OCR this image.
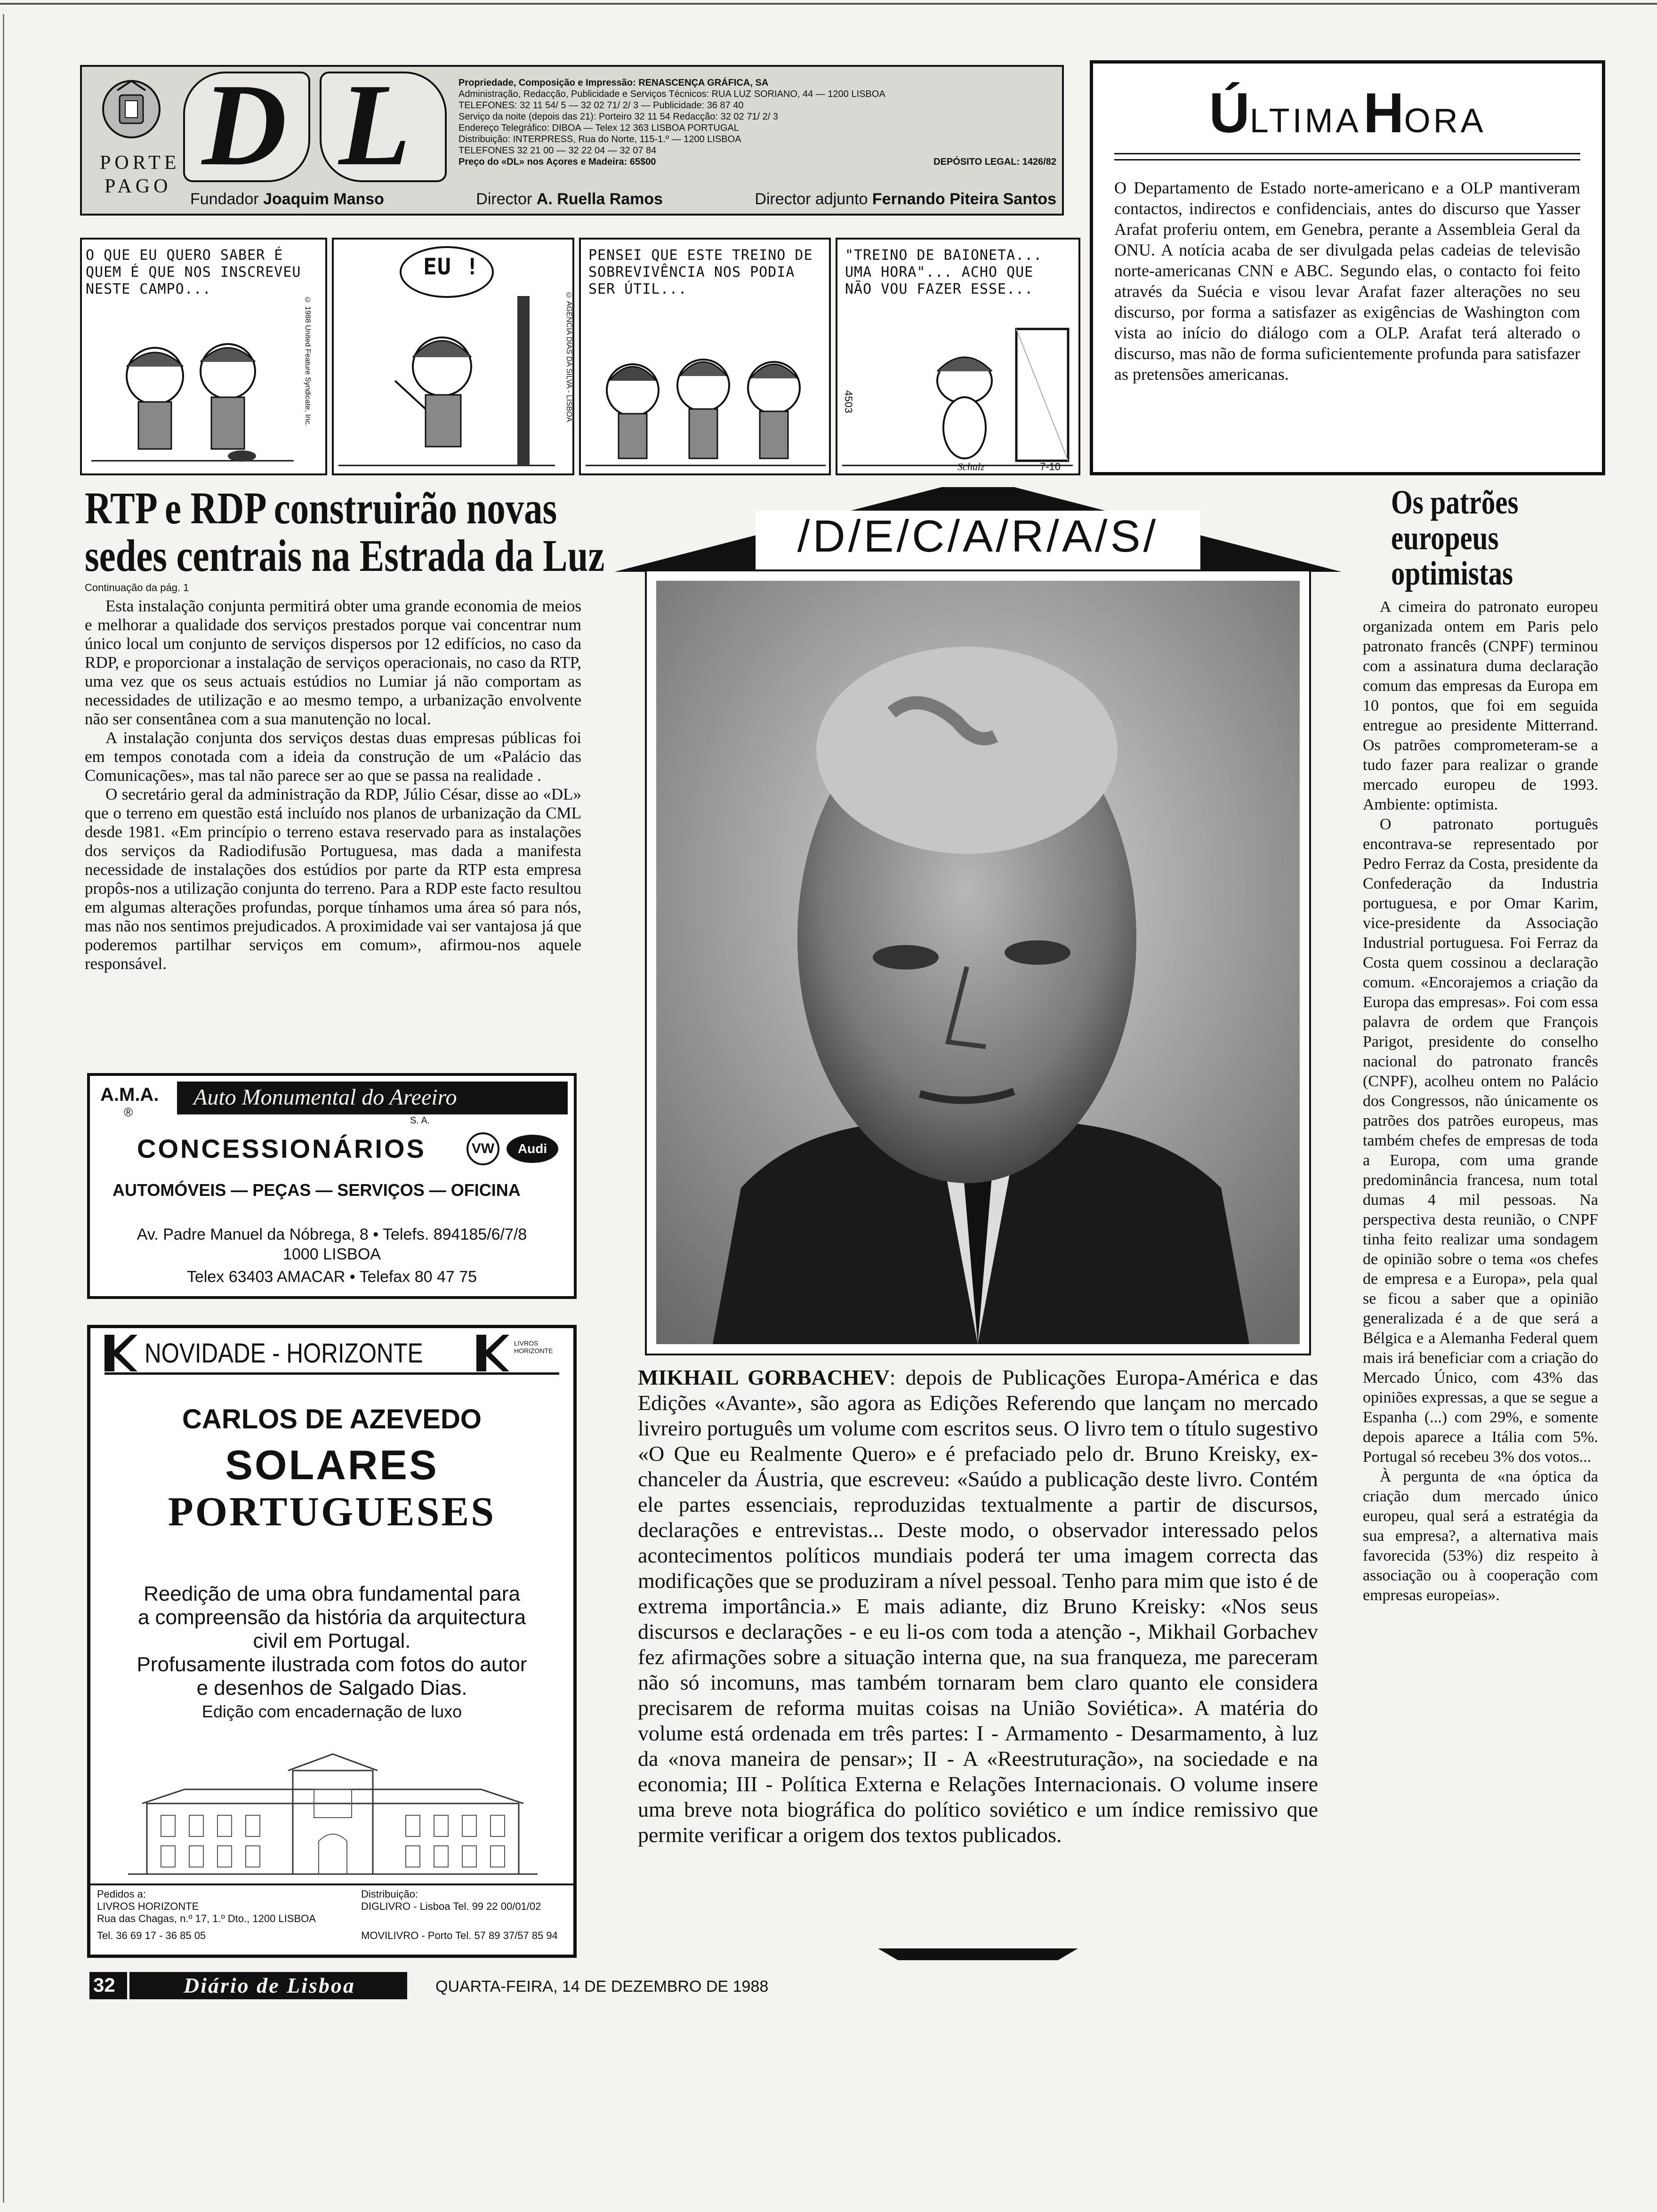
PORTE
PAGO DL
Propriedade, Composição e Impressão: RENASCENÇA GRÁFICA, SA
Administração, Redacção, Publicidade e Serviços Técnicos: RUA LUZ SORIANO, 44 — 1200 LISBOA
TELEFONES: 32 11 54/ 5 — 32 02 71/ 2/ 3 — Publicidade: 36 87 40
Serviço da noite (depois das 21): Porteiro 32 11 54 Redacção: 32 02 71/ 2/ 3
Endereço Telegráfico: DIBOA — Telex 12 363 LISBOA PORTUGAL
Distribuição: INTERPRESS, Rua do Norte, 115-1.º — 1200 LISBOA
TELEFONES 32 21 00 — 32 22 04 — 32 07 84
Preço do «DL» nos Açores e Madeira: 65$00	DEPÓSITO LEGAL: 1426/82
Fundador Joaquim Manso	Director A. Ruella Ramos	Director adjunto Fernando Piteira Santos
O QUE EU QUERO SABER É QUEM É QUE NOS INSCREVEU NESTE CAMPO...
© 1988 United Feature Syndicate, Inc.
EU !
© AGÊNCIA DIAS DA SILVA - LISBOA
PENSEI QUE ESTE TREINO DE SOBREVIVÊNCIA NOS PODIA SER ÚTIL...
"TREINO DE BAIONETA... UMA HORA"... ACHO QUE NÃO VOU FAZER ESSE...
4503
Schulz	7-10
ÚLTIMA HORA
O Departamento de Estado norte-americano e a OLP mantiveram contactos, indirectos e confidenciais, antes do discurso que Yasser Arafat proferiu ontem, em Genebra, perante a Assembleia Geral da ONU. A notícia acaba de ser divulgada pelas cadeias de televisão norte-americanas CNN e ABC. Segundo elas, o contacto foi feito através da Suécia e visou levar Arafat fazer alterações no seu discurso, por forma a satisfazer as exigências de Washington com vista ao início do diálogo com a OLP. Arafat terá alterado o discurso, mas não de forma suficientemente profunda para satisfazer as pretensões americanas.
RTP e RDP construirão novas
sedes centrais na Estrada da Luz
Continuação da pág. 1

Esta instalação conjunta permitirá obter uma grande economia de meios e melhorar a qualidade dos serviços prestados porque vai concentrar num único local um conjunto de serviços dispersos por 12 edifícios, no caso da RDP, e proporcionar a instalação de serviços operacionais, no caso da RTP, uma vez que os seus actuais estúdios no Lumiar já não comportam as necessidades de utilização e ao mesmo tempo, a urbanização envolvente não ser consentânea com a sua manutenção no local.

A instalação conjunta dos serviços destas duas empresas públicas foi em tempos conotada com a ideia da construção de um «Palácio das Comunicações», mas tal não parece ser ao que se passa na realidade .

O secretário geral da administração da RDP, Júlio César, disse ao «DL» que o terreno em questão está incluído nos planos de urbanização da CML desde 1981. «Em princípio o terreno estava reservado para as instalações dos serviços da Radiodifusão Portuguesa, mas dada a manifesta necessidade de instalações dos estúdios por parte da RTP esta empresa propôs-nos a utilização conjunta do terreno. Para a RDP este facto resultou em algumas alterações profundas, porque tínhamos uma área só para nós, mas não nos sentimos prejudicados. A proximidade vai ser vantajosa já que poderemos partilhar serviços em comum», afirmou-nos aquele responsável.

A.M.A.
®
Auto Monumental do Areeiro
S. A.
CONCESSIONÁRIOS	VW	Audi
AUTOMÓVEIS — PEÇAS — SERVIÇOS — OFICINA
Av. Padre Manuel da Nóbrega, 8 • Telefs. 894185/6/7/8
1000 LISBOA
Telex 63403 AMACAR • Telefax 80 47 75
NOVIDADE - HORIZONTE	LIVROS HORIZONTE
CARLOS DE AZEVEDO
SOLARES
PORTUGUESES
Reedição de uma obra fundamental para
a compreensão da história da arquitectura
civil em Portugal.
Profusamente ilustrada com fotos do autor
e desenhos de Salgado Dias.
Edição com encadernação de luxo
Pedidos a:
LIVROS HORIZONTE
Rua das Chagas, n.º 17, 1.º Dto., 1200 LISBOA
Tel. 36 69 17 - 36 85 05
Distribuição:
DIGLIVRO - Lisboa Tel. 99 22 00/01/02
MOVILIVRO - Porto Tel. 57 89 37/57 85 94
/D/E/C/A/R/A/S/
MIKHAIL GORBACHEV: depois de Publicações Europa-América e das Edições «Avante», são agora as Edições Referendo que lançam no mercado livreiro português um volume com escritos seus. O livro tem o título sugestivo «O Que eu Realmente Quero» e é prefaciado pelo dr. Bruno Kreisky, ex-chanceler da Áustria, que escreveu: «Saúdo a publicação deste livro. Contém ele partes essenciais, reproduzidas textualmente a partir de discursos, declarações e entrevistas... Deste modo, o observador interessado pelos acontecimentos políticos mundiais poderá ter uma imagem correcta das modificações que se produziram a nível pessoal. Tenho para mim que isto é de extrema importância.» E mais adiante, diz Bruno Kreisky: «Nos seus discursos e declarações - e eu li-os com toda a atenção -, Mikhail Gorbachev fez afirmações sobre a situação interna que, na sua franqueza, me pareceram não só incomuns, mas também tornaram bem claro quanto ele considera precisarem de reforma muitas coisas na União Soviética». A matéria do volume está ordenada em três partes: I - Armamento - Desarmamento, à luz da «nova maneira de pensar»; II - A «Reestruturação», na sociedade e na economia; III - Política Externa e Relações Internacionais. O volume insere uma breve nota biográfica do político soviético e um índice remissivo que permite verificar a origem dos textos publicados.
Os patrões
europeus
optimistas

A cimeira do patronato europeu organizada ontem em Paris pelo patronato francês (CNPF) terminou com a assinatura duma declaração comum das empresas da Europa em 10 pontos, que foi em seguida entregue ao presidente Mitterrand. Os patrões comprometeram-se a tudo fazer para realizar o grande mercado europeu de 1993. Ambiente: optimista.

O patronato português encontrava-se representado por Pedro Ferraz da Costa, presidente da Confederação da Industria portuguesa, e por Omar Karim, vice-presidente da Associação Industrial portuguesa. Foi Ferraz da Costa quem cossinou a declaração comum. «Encorajemos a criação da Europa das empresas». Foi com essa palavra de ordem que François Parigot, presidente do conselho nacional do patronato francês (CNPF), acolheu ontem no Palácio dos Congressos, não únicamente os patrões dos patrões europeus, mas também chefes de empresas de toda a Europa, com uma grande predominância francesa, num total dumas 4 mil pessoas. Na perspectiva desta reunião, o CNPF tinha feito realizar uma sondagem de opinião sobre o tema «os chefes de empresa e a Europa», pela qual se ficou a saber que a opinião generalizada é a de que será a Bélgica e a Alemanha Federal quem mais irá beneficiar com a criação do Mercado Único, com 43% das opiniões expressas, a que se segue a Espanha (...) com 29%, e somente depois aparece a Itália com 5%. Portugal só recebeu 3% dos votos...

À pergunta de «na óptica da criação dum mercado único europeu, qual será a estratégia da sua empresa?, a alternativa mais favorecida (53%) diz respeito à associação ou à cooperação com empresas europeias».

32	Diário de Lisboa	QUARTA-FEIRA, 14 DE DEZEMBRO DE 1988
